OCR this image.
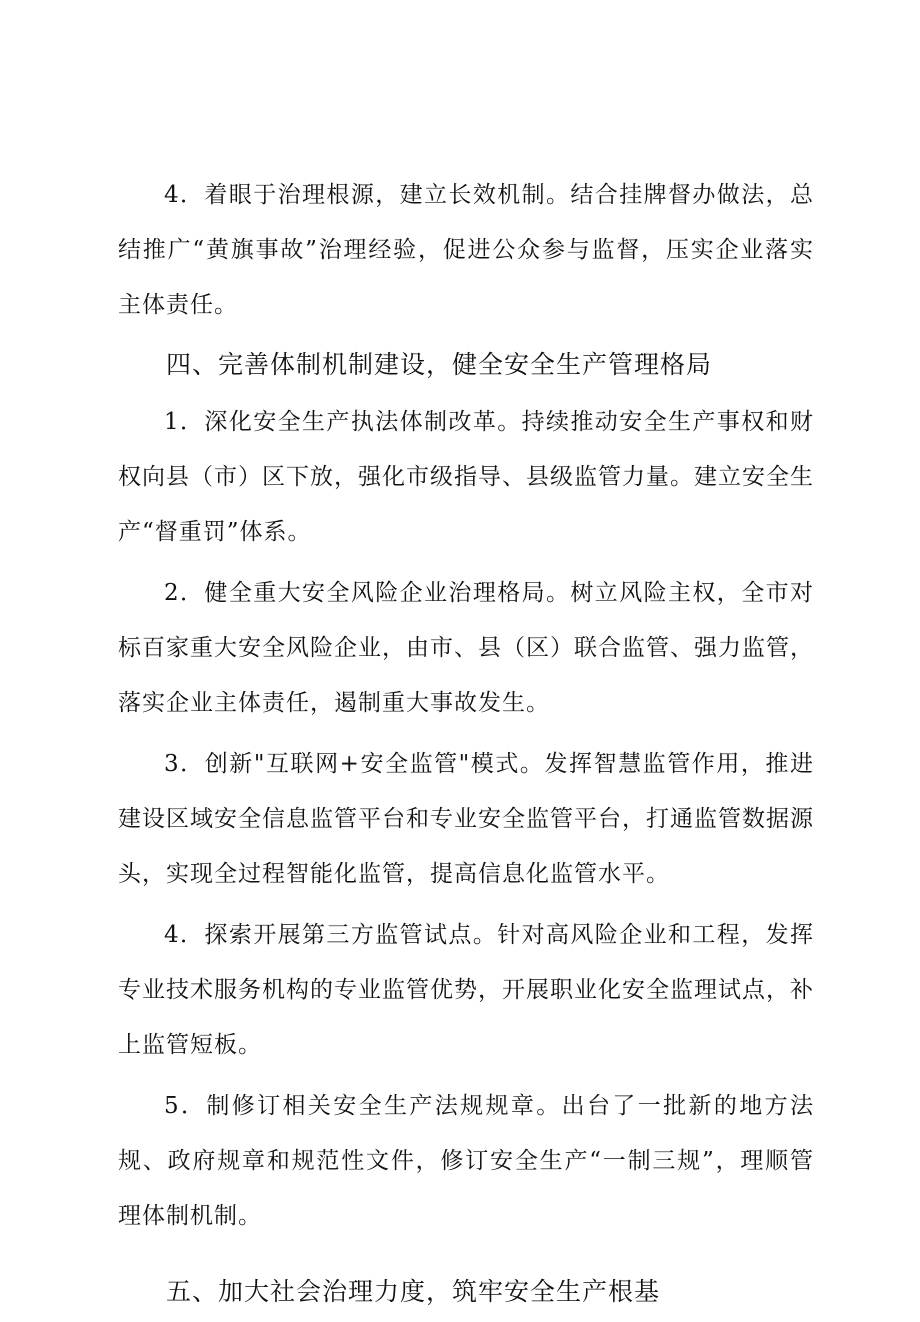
4．着眼于治理根源，建立长效机制。结合挂牌督办做法，总结推广“黄旗事故”治理经验，促进公众参与监督，压实企业落实主体责任。

四、完善体制机制建设，健全安全生产管理格局

1．深化安全生产执法体制改革。持续推动安全生产事权和财权向县（市）区下放，强化市级指导、县级监管力量。建立安全生产“督重罚”体系。

2．健全重大安全风险企业治理格局。树立风险主权，全市对标百家重大安全风险企业，由市、县（区）联合监管、强力监管，落实企业主体责任，遏制重大事故发生。

3．创新"互联网+安全监管"模式。发挥智慧监管作用，推进建设区域安全信息监管平台和专业安全监管平台，打通监管数据源头，实现全过程智能化监管，提高信息化监管水平。

4．探索开展第三方监管试点。针对高风险企业和工程，发挥专业技术服务机构的专业监管优势，开展职业化安全监理试点，补上监管短板。

5．制修订相关安全生产法规规章。出台了一批新的地方法规、政府规章和规范性文件，修订安全生产“一制三规”，理顺管理体制机制。

五、加大社会治理力度，筑牢安全生产根基
